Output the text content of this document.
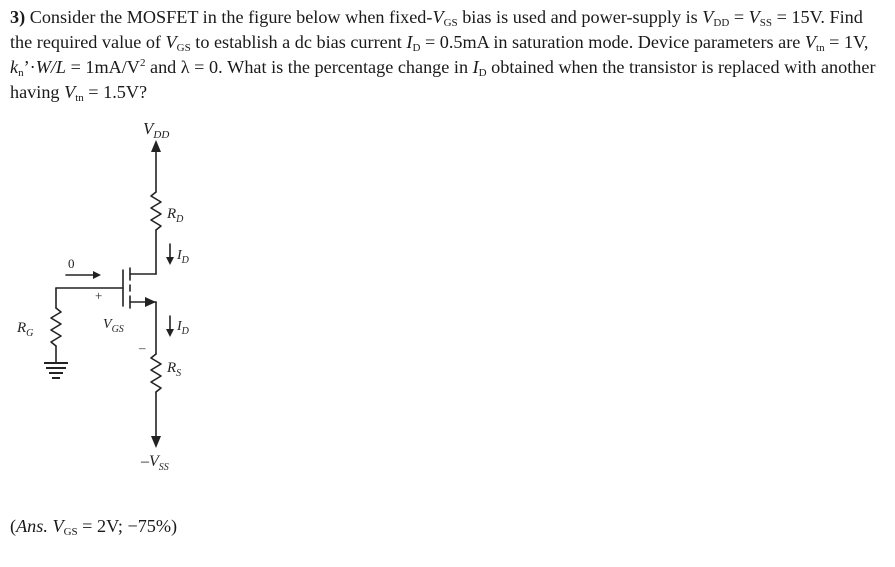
3) Consider the MOSFET in the figure below when fixed-$V_{GS}$ bias is used and power-supply is $V_{DD} = V_{SS} = 15V$. Find the required value of $V_{GS}$ to establish a dc bias current $I_D = 0.5mA$ in saturation mode. Device parameters are $V_{tn} = 1V$, $k_n’\cdot W/L = 1mA/V^2$ and λ = 0. What is the percentage change in $I_D$ obtained when the transistor is replaced with another having $V_{tn} = 1.5V$?

$V_{DD}$
$R_D$
$I_D$
0
+
$R_G$
$V_{GS}$	$I_D$
–
$R_S$
$-V_{SS}$
(Ans. $V_{GS} = 2V$; −75%)
